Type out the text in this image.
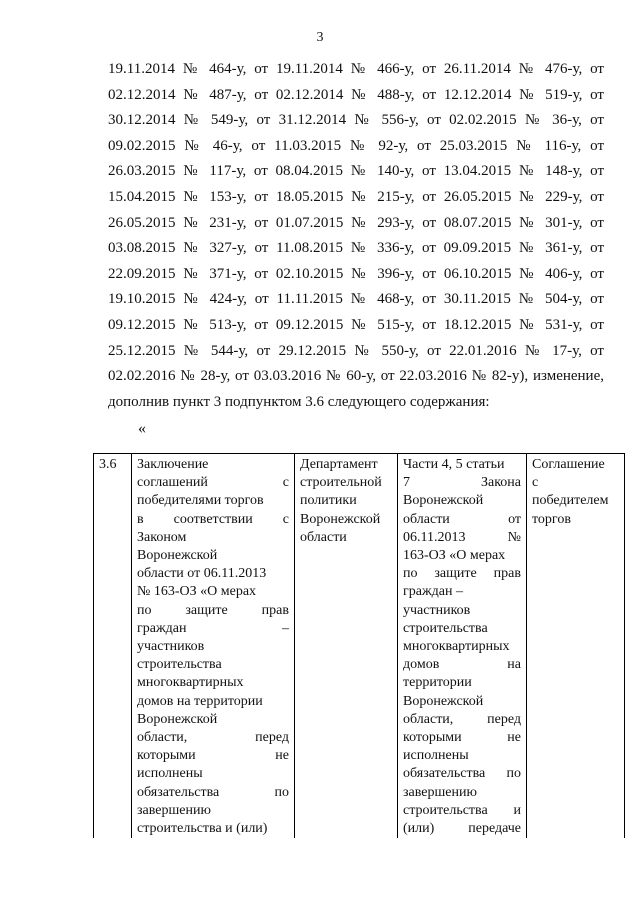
3
19.11.2014 № 464-у, от 19.11.2014 № 466-у, от 26.11.2014 № 476-у, от
02.12.2014 № 487-у, от 02.12.2014 № 488-у, от 12.12.2014 № 519-у, от
30.12.2014 № 549-у, от 31.12.2014 № 556-у, от 02.02.2015 № 36-у, от
09.02.2015 № 46-у, от 11.03.2015 № 92-у, от 25.03.2015 № 116-у, от
26.03.2015 № 117-у, от 08.04.2015 № 140-у, от 13.04.2015 № 148-у, от
15.04.2015 № 153-у, от 18.05.2015 № 215-у, от 26.05.2015 № 229-у, от
26.05.2015 № 231-у, от 01.07.2015 № 293-у, от 08.07.2015 № 301-у, от
03.08.2015 № 327-у, от 11.08.2015 № 336-у, от 09.09.2015 № 361-у, от
22.09.2015 № 371-у, от 02.10.2015 № 396-у, от 06.10.2015 № 406-у, от
19.10.2015 № 424-у, от 11.11.2015 № 468-у, от 30.11.2015 № 504-у, от
09.12.2015 № 513-у, от 09.12.2015 № 515-у, от 18.12.2015 № 531-у, от
25.12.2015 № 544-у, от 29.12.2015 № 550-у, от 22.01.2016 № 17-у, от
02.02.2016 № 28-у, от 03.03.2016 № 60-у, от 22.03.2016 № 82-у), изменение,
дополнив пункт 3 подпунктом 3.6 следующего содержания:
«
3.6	Заключение
соглашений с
победителями торгов
в соответствии с
Законом
Воронежской
области от 06.11.2013
№ 163-ОЗ «О мерах
по защите прав
граждан –
участников
строительства
многоквартирных
домов на территории
Воронежской
области, перед
которыми не
исполнены
обязательства по
завершению
строительства и (или)

Департамент
строительной
политики
Воронежской
области

Части 4, 5 статьи
7 Закона
Воронежской
области от
06.11.2013 №
163-ОЗ «О мерах
по защите прав
граждан –
участников
строительства
многоквартирных
домов на
территории
Воронежской
области, перед
которыми не
исполнены
обязательства по
завершению
строительства и
(или) передаче

Соглашение
с
победителем
торгов
